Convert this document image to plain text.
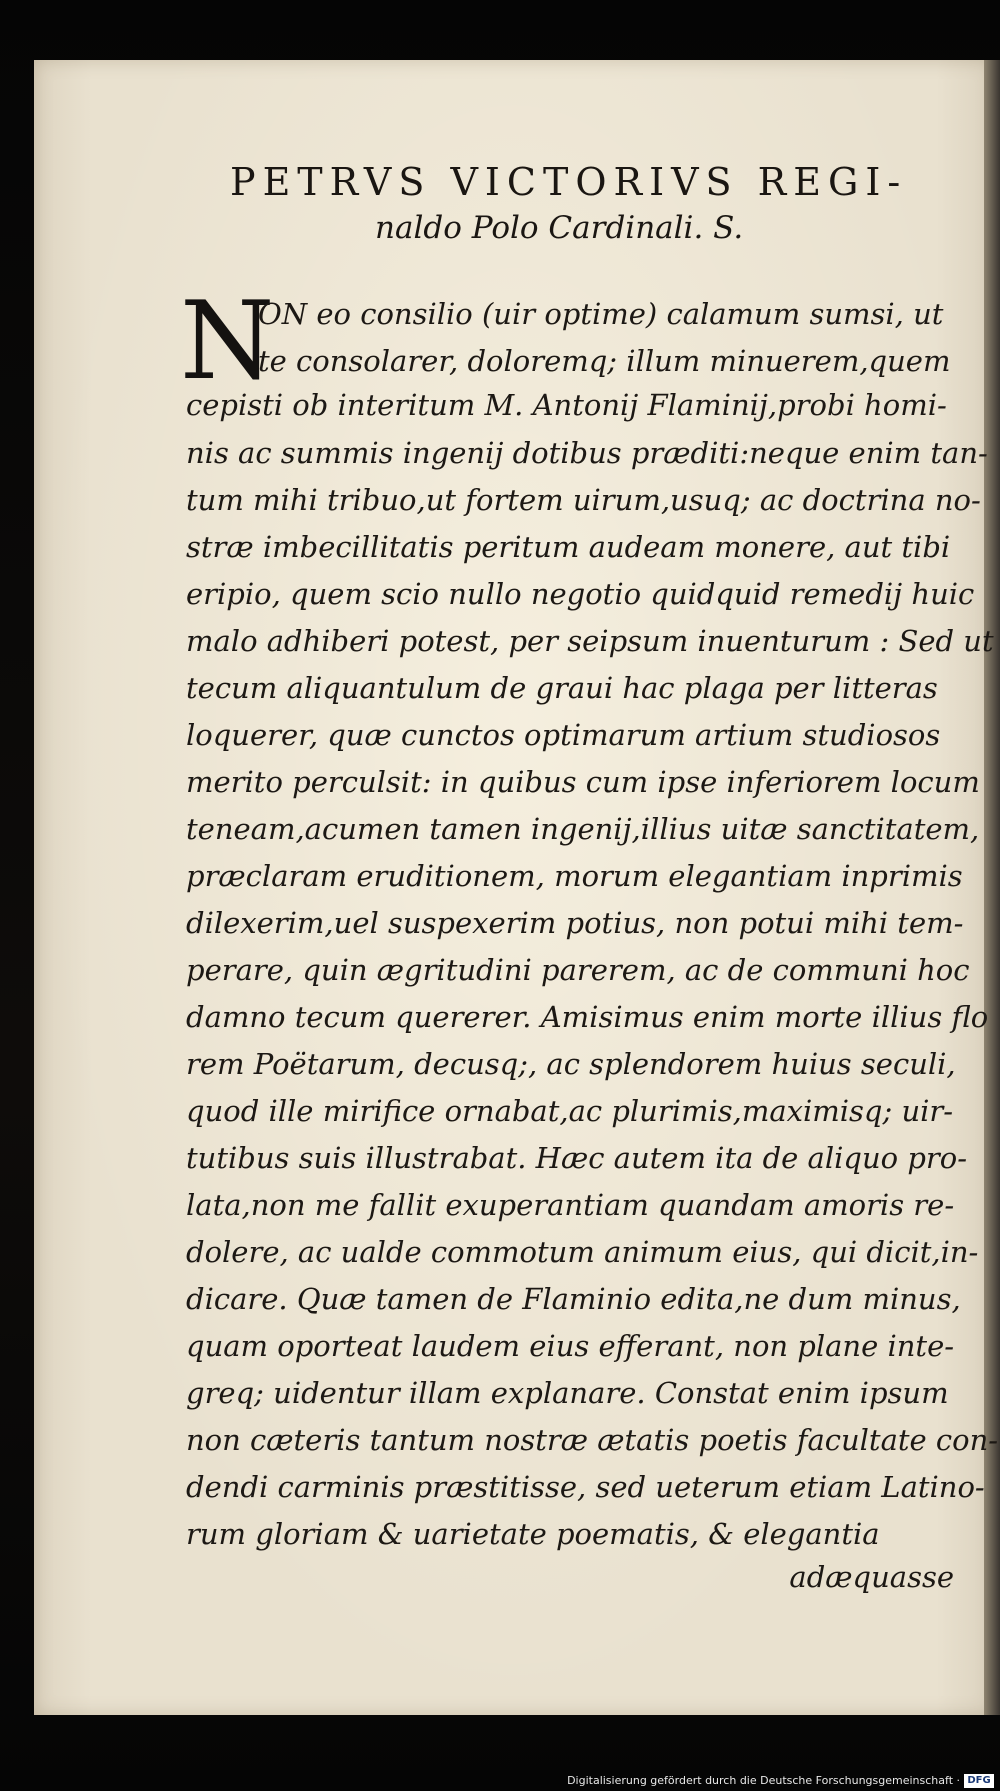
PETRVS VICTORIVS REGI-
naldo Polo Cardinali. S.
N
ON eo consilio (uir optime) calamum sumsi, ut
te consolarer, doloremq; illum minuerem,quem
cepisti ob interitum M. Antonij Flaminij,probi homi-
nis ac summis ingenij dotibus præditi:neque enim tan-
tum mihi tribuo,ut fortem uirum,usuq; ac doctrina no-
stræ imbecillitatis peritum audeam monere, aut tibi
eripio, quem scio nullo negotio quidquid remedij huic
malo adhiberi potest, per seipsum inuenturum : Sed ut
tecum aliquantulum de graui hac plaga per litteras
loquerer, quæ cunctos optimarum artium studiosos
merito perculsit: in quibus cum ipse inferiorem locum
teneam,acumen tamen ingenij,illius uitæ sanctitatem,
præclaram eruditionem, morum elegantiam inprimis
dilexerim,uel suspexerim potius, non potui mihi tem-
perare, quin ægritudini parerem, ac de communi hoc
damno tecum quererer. Amisimus enim morte illius flo
rem Poëtarum, decusq;, ac splendorem huius seculi,
quod ille mirifice ornabat,ac plurimis,maximisq; uir-
tutibus suis illustrabat. Hæc autem ita de aliquo pro-
lata,non me fallit exuperantiam quandam amoris re-
dolere, ac ualde commotum animum eius, qui dicit,in-
dicare. Quæ tamen de Flaminio edita,ne dum minus,
quam oporteat laudem eius efferant, non plane inte-
greq; uidentur illam explanare. Constat enim ipsum
non cæteris tantum nostræ ætatis poetis facultate con-
dendi carminis præstitisse, sed ueterum etiam Latino-
rum gloriam & uarietate poematis, & elegantia
adæquasse
Digitalisierung gefördert durch die Deutsche Forschungsgemeinschaft · DFG
